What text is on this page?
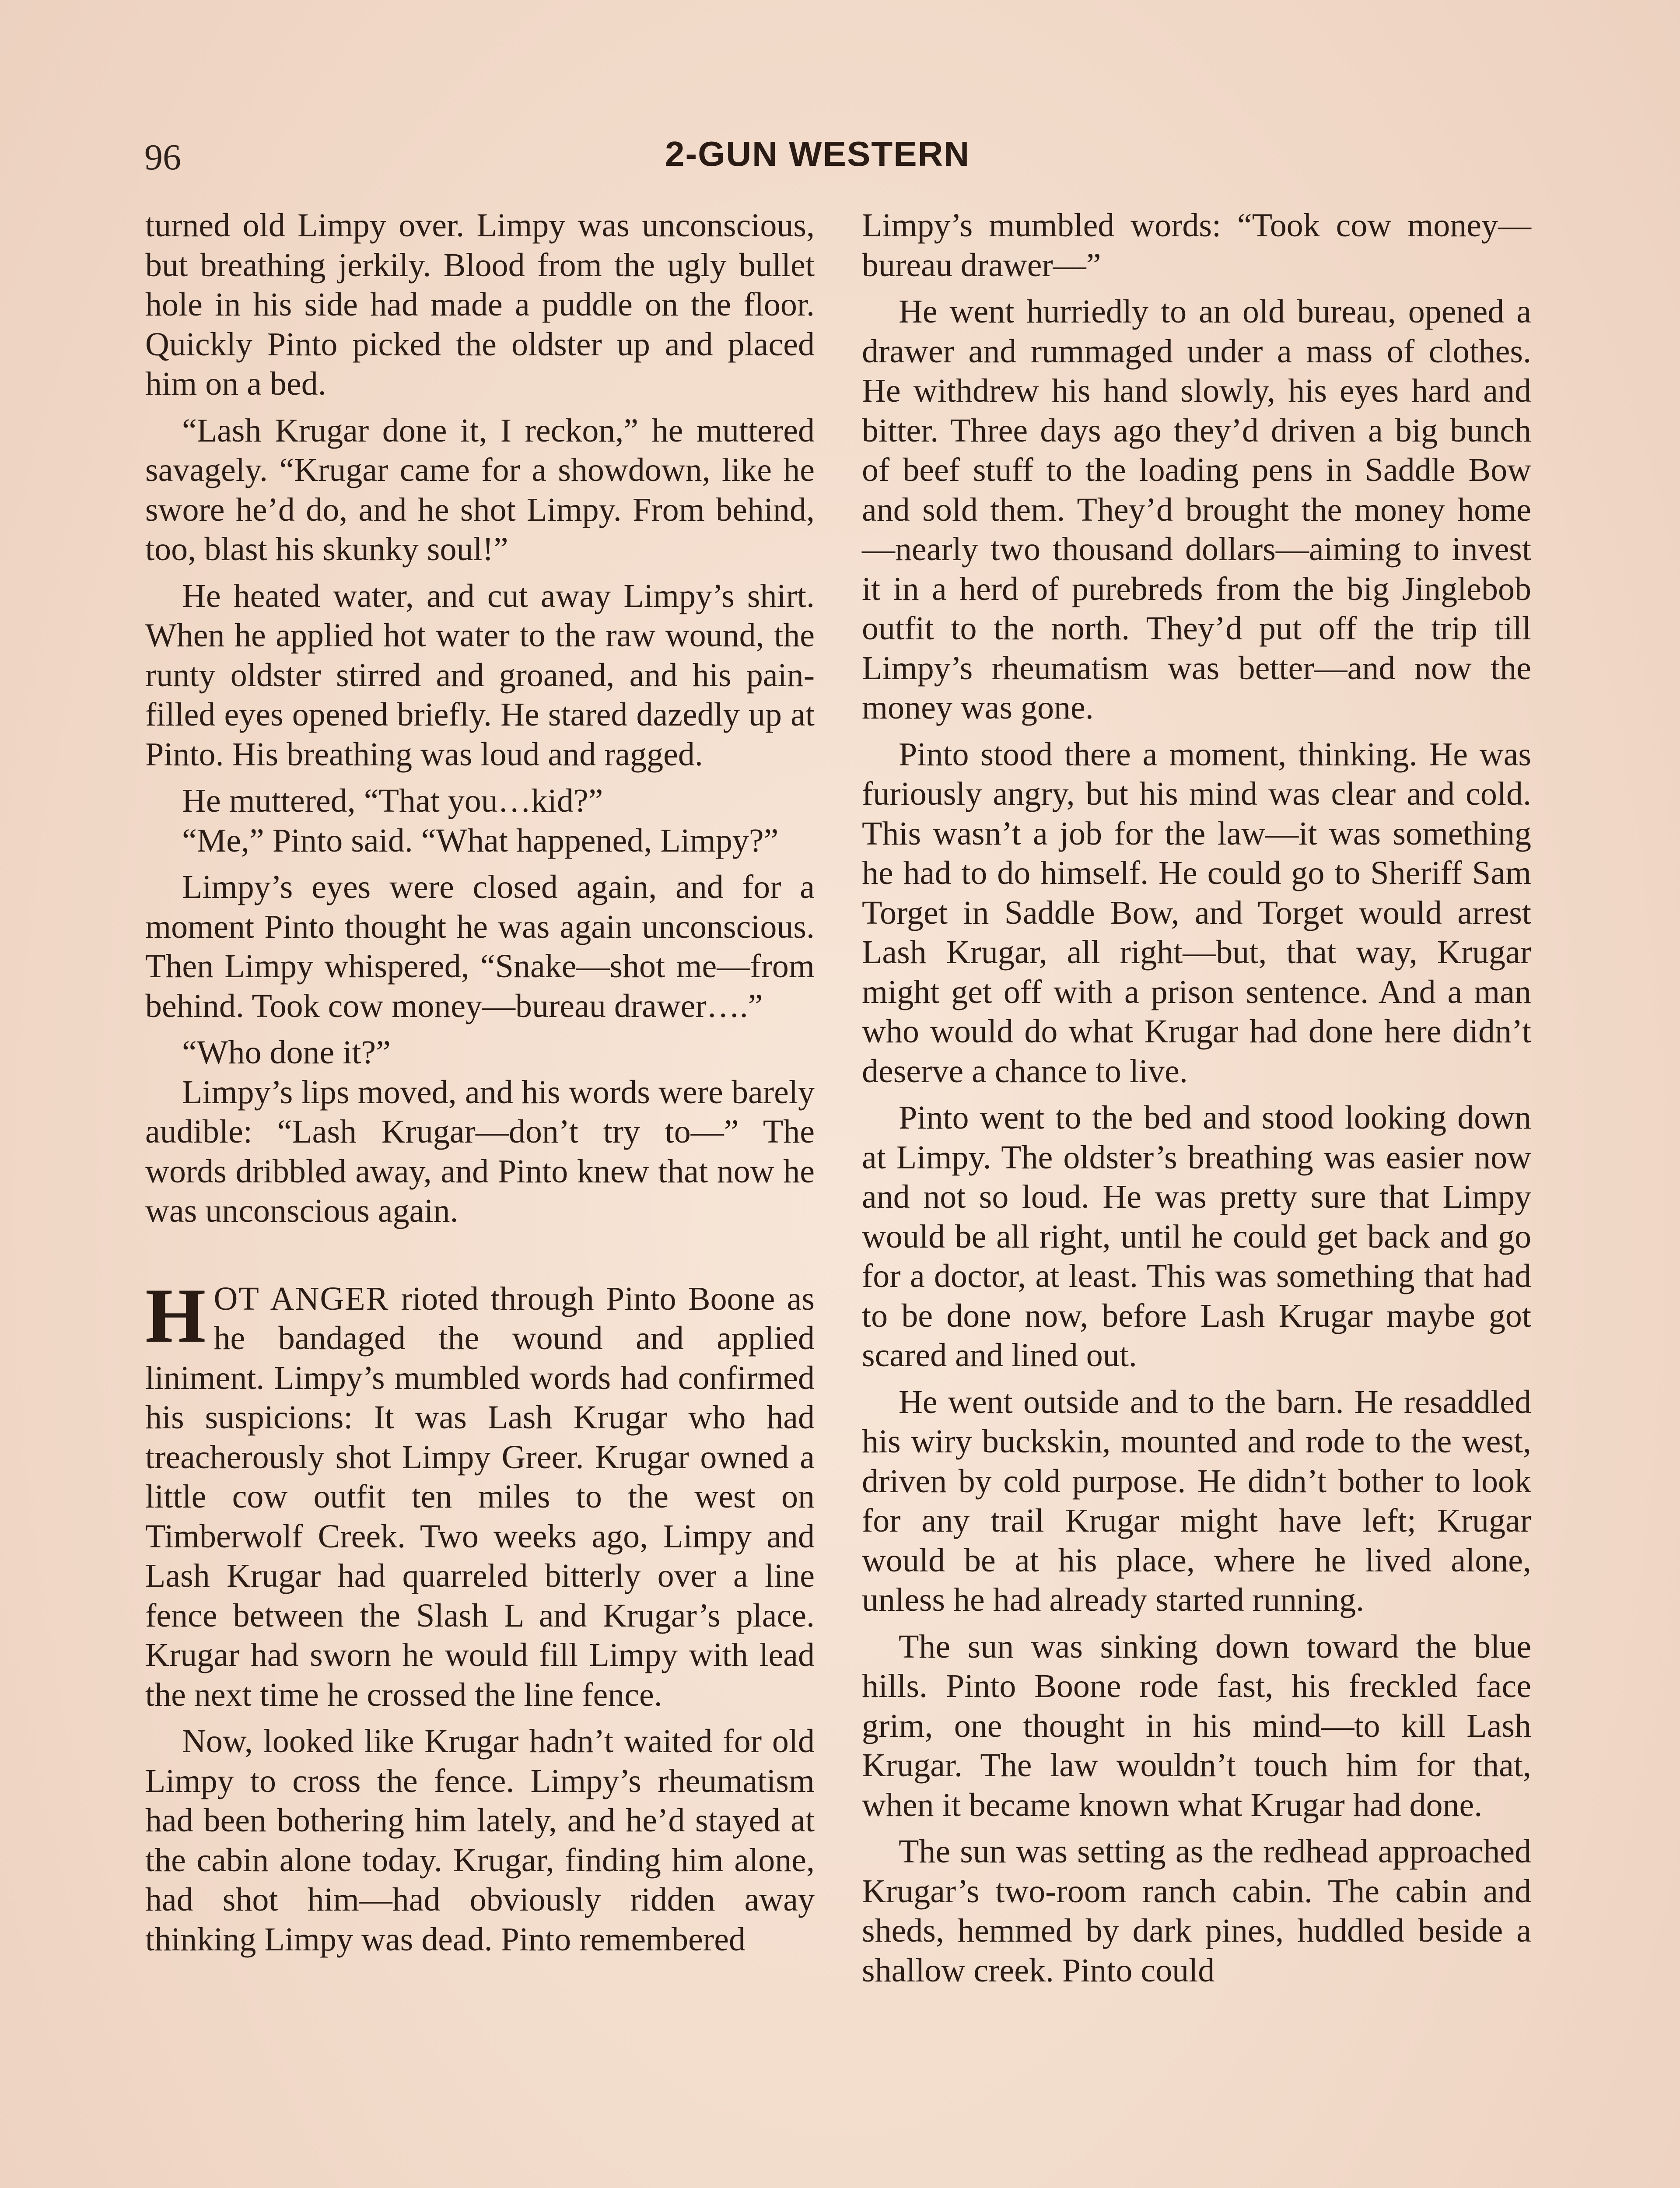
96	2-GUN WESTERN

turned old Limpy over. Limpy was unconscious, but breathing jerkily. Blood from the ugly bullet hole in his side had made a puddle on the floor. Quickly Pinto picked the oldster up and placed him on a bed.

“Lash Krugar done it, I reckon,” he muttered savagely. “Krugar came for a showdown, like he swore he’d do, and he shot Limpy. From behind, too, blast his skunky soul!”

He heated water, and cut away Limpy’s shirt. When he applied hot water to the raw wound, the runty oldster stirred and groaned, and his pain-filled eyes opened briefly. He stared dazedly up at Pinto. His breathing was loud and ragged.

He muttered, “That you…kid?”

“Me,” Pinto said. “What happened, Limpy?”

Limpy’s eyes were closed again, and for a moment Pinto thought he was again unconscious. Then Limpy whispered, “Snake—shot me—from behind. Took cow money—bureau drawer….”

“Who done it?”

Limpy’s lips moved, and his words were barely audible: “Lash Krugar—don’t try to—” The words dribbled away, and Pinto knew that now he was unconscious again.

HOT ANGER rioted through Pinto Boone as he bandaged the wound and applied liniment. Limpy’s mumbled words had confirmed his suspicions: It was Lash Krugar who had treacherously shot Limpy Greer. Krugar owned a little cow outfit ten miles to the west on Timberwolf Creek. Two weeks ago, Limpy and Lash Krugar had quarreled bitterly over a line fence between the Slash L and Krugar’s place. Krugar had sworn he would fill Limpy with lead the next time he crossed the line fence.

Now, looked like Krugar hadn’t waited for old Limpy to cross the fence. Limpy’s rheumatism had been bothering him lately, and he’d stayed at the cabin alone today. Krugar, finding him alone, had shot him—had obviously ridden away thinking Limpy was dead. Pinto remembered

Limpy’s mumbled words: “Took cow money—bureau drawer—”

He went hurriedly to an old bureau, opened a drawer and rummaged under a mass of clothes. He withdrew his hand slowly, his eyes hard and bitter. Three days ago they’d driven a big bunch of beef stuff to the loading pens in Saddle Bow and sold them. They’d brought the money home—nearly two thousand dollars—aiming to invest it in a herd of purebreds from the big Jinglebob outfit to the north. They’d put off the trip till Limpy’s rheumatism was better—and now the money was gone.

Pinto stood there a moment, thinking. He was furiously angry, but his mind was clear and cold. This wasn’t a job for the law—it was something he had to do himself. He could go to Sheriff Sam Torget in Saddle Bow, and Torget would arrest Lash Krugar, all right—but, that way, Krugar might get off with a prison sentence. And a man who would do what Krugar had done here didn’t deserve a chance to live.

Pinto went to the bed and stood looking down at Limpy. The oldster’s breathing was easier now and not so loud. He was pretty sure that Limpy would be all right, until he could get back and go for a doctor, at least. This was something that had to be done now, before Lash Krugar maybe got scared and lined out.

He went outside and to the barn. He resaddled his wiry buckskin, mounted and rode to the west, driven by cold purpose. He didn’t bother to look for any trail Krugar might have left; Krugar would be at his place, where he lived alone, unless he had already started running.

The sun was sinking down toward the blue hills. Pinto Boone rode fast, his freckled face grim, one thought in his mind—to kill Lash Krugar. The law wouldn’t touch him for that, when it became known what Krugar had done.

The sun was setting as the redhead approached Krugar’s two-room ranch cabin. The cabin and sheds, hemmed by dark pines, huddled beside a shallow creek. Pinto could
